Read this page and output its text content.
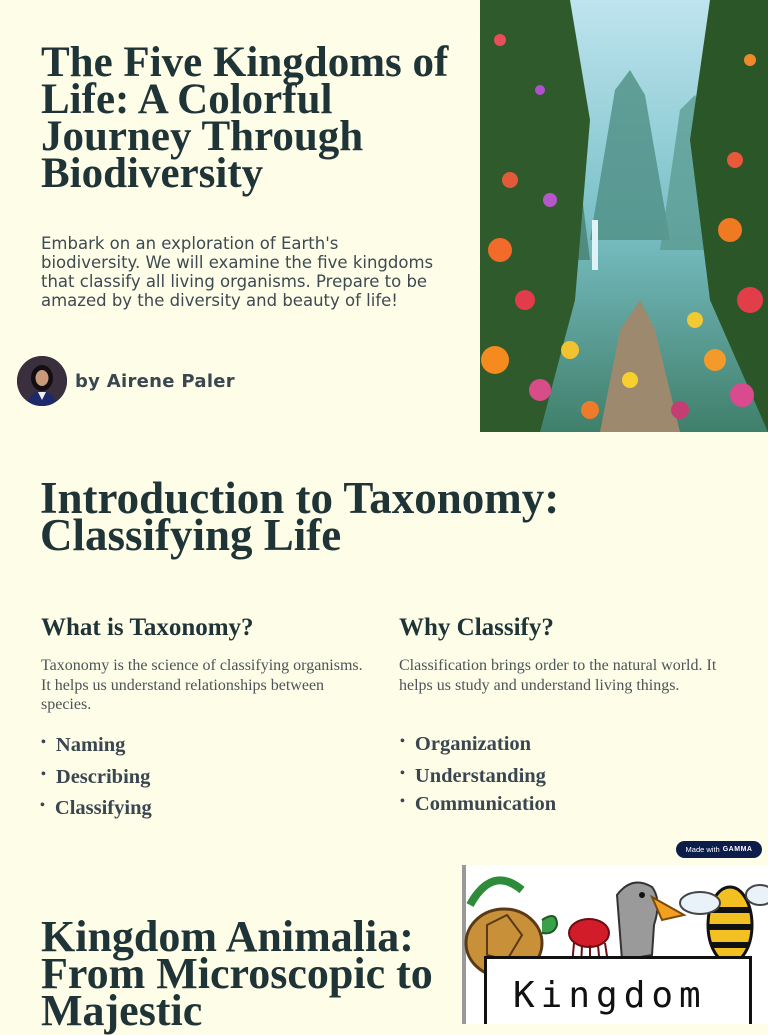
The Five Kingdoms of Life: A Colorful Journey Through Biodiversity

Embark on an exploration of Earth's biodiversity. We will examine the five kingdoms that classify all living organisms. Prepare to be amazed by the diversity and beauty of life!

by Airene Paler
Introduction to Taxonomy: Classifying Life
What is Taxonomy?

Taxonomy is the science of classifying organisms. It helps us understand relationships between species.

• Naming
• Describing
• Classifying
Why Classify?

Classification brings order to the natural world. It helps us study and understand living things.

• Organization
• Understanding
• Communication
Made with GAMMA
Kingdom Animalia: From Microscopic to Majestic	Kingdom
